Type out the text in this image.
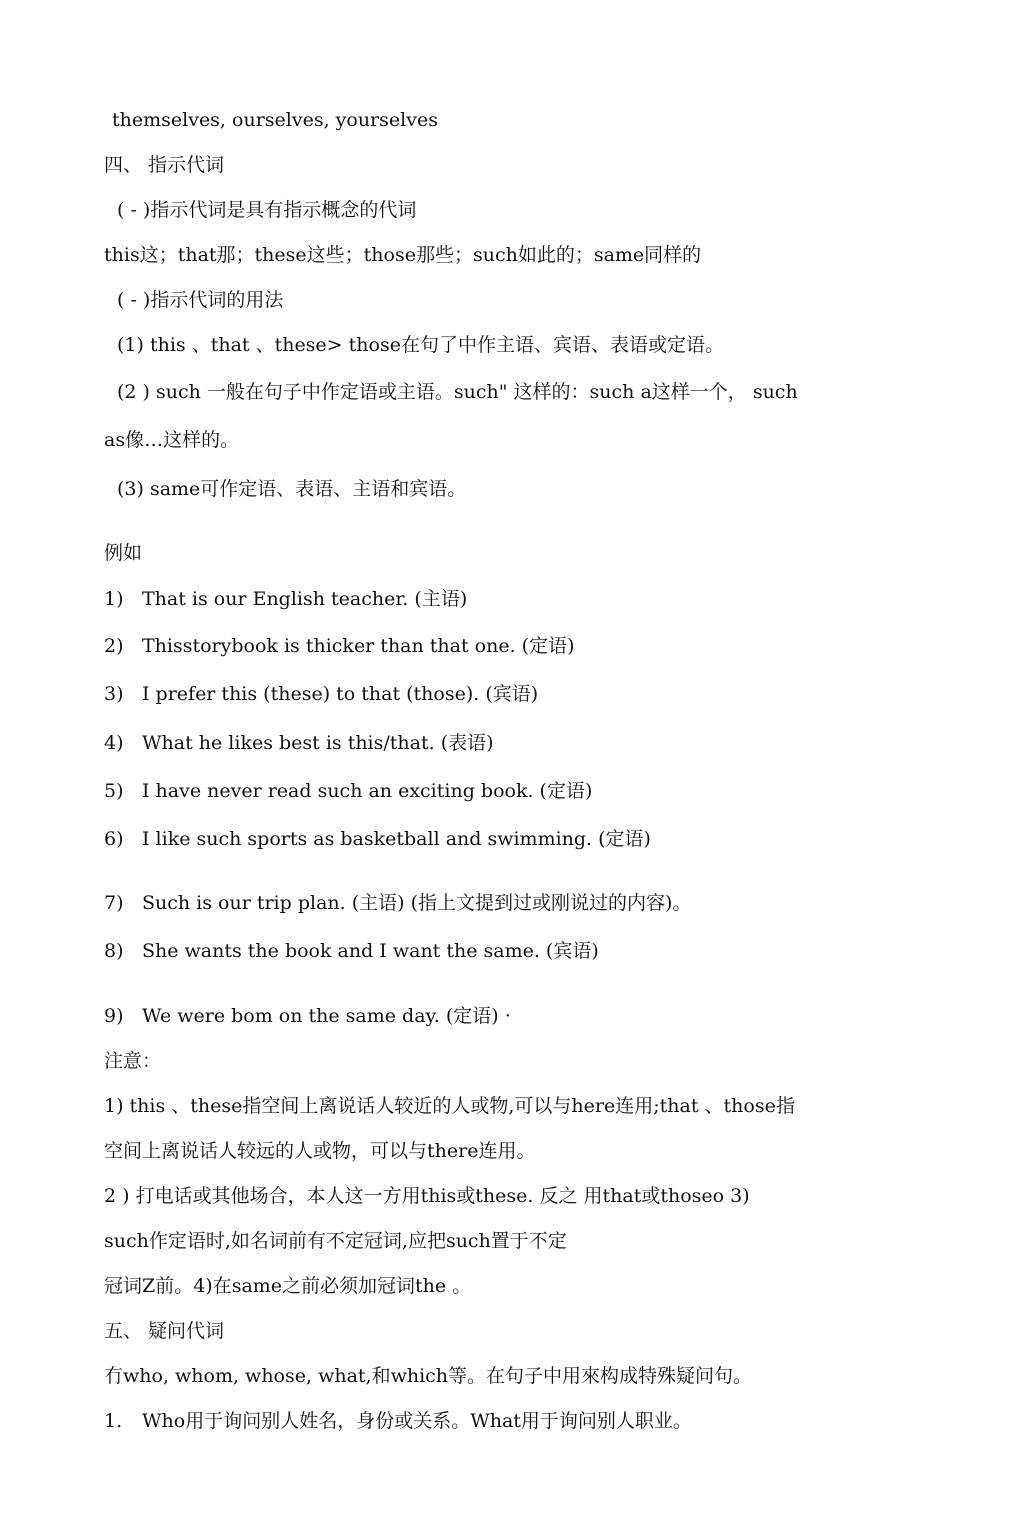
themselves, ourselves, yourselves
四、 指示代词
( - )指示代词是具有指示概念的代词
this这；that那；these这些；those那些；such如此的；same同样的
( - )指示代词的用法
(1) this 、that 、these> those在句了中作主语、宾语、表语或定语。
(2 ) such 一般在句子中作定语或主语。such" 这样的：such a这样一个， such
as像…这样的。
(3) same可作定语、表语、主语和宾语。
例如
1) That is our English teacher. (主语)
2) Thisstorybook is thicker than that one. (定语)
3) I prefer this (these) to that (those). (宾语)
4) What he likes best is this/that. (表语)
5) I have never read such an exciting book. (定语)
6) I like such sports as basketball and swimming. (定语)
7) Such is our trip plan. (主语) (指上文提到过或刚说过的内容)。
8) She wants the book and I want the same. (宾语)
9) We were bom on the same day. (定语) ·
注意：
1) this 、these指空间上离说话人较近的人或物,可以与here连用;that 、those指
空间上离说话人较远的人或物，可以与there连用。
2 ) 打电话或其他场合，本人这一方用this或these. 反之 用that或thoseo 3)
such作定语时,如名词前有不定冠词,应把such置于不定
冠词Z前。4)在same之前必须加冠词the 。
五、 疑问代词
冇who, whom, whose, what,和which等。在句子中用來构成特殊疑问句。
1. Who用于询问别人姓名，身份或关系。What用于询问别人职业。
